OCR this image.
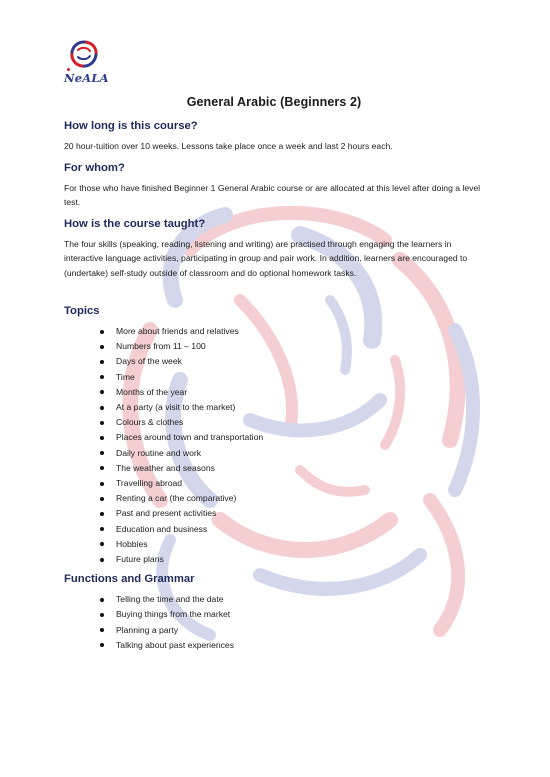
NeALA
General Arabic (Beginners 2)
How long is this course?

20 hour-tuition over 10 weeks. Lessons take place once a week and last 2 hours each.

For whom?

For those who have finished Beginner 1 General Arabic course or are allocated at this level after doing a level test.

How is the course taught?

The four skills (speaking, reading, listening and writing) are practised through engaging the learners in interactive language activities, participating in group and pair work. In addition, learners are encouraged to (undertake) self-study outside of classroom and do optional homework tasks.

Topics
More about friends and relatives
Numbers from 11 – 100
Days of the week
Time
Months of the year
At a party (a visit to the market)
Colours & clothes
Places around town and transportation
Daily routine and work
The weather and seasons
Travelling abroad
Renting a car (the comparative)
Past and present activities
Education and business
Hobbies
Future plans
Functions and Grammar
Telling the time and the date
Buying things from the market
Planning a party
Talking about past experiences
